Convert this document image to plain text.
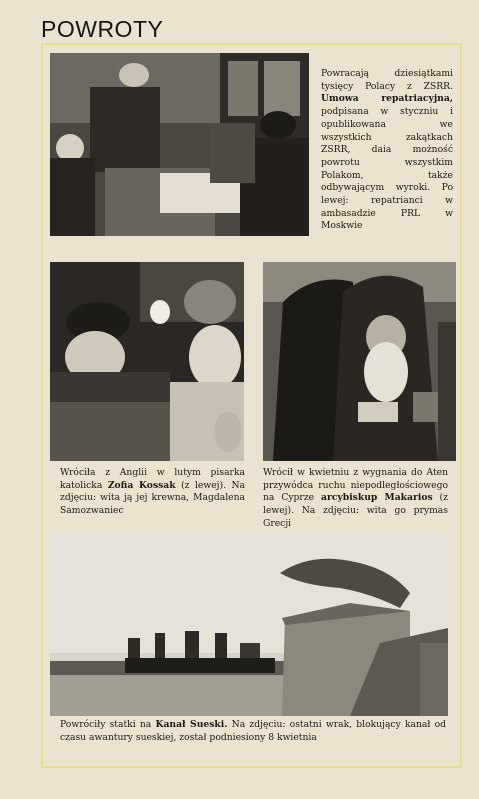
POWROTY
Powracają dziesiątkami tysięcy Polacy z ZSRR. Umowa repatriacyjna, podpisana w styczniu i opublikowana we wszystkich zakątkach ZSRR, daia możność powrotu wszystkim Polakom, także odbywającym wyroki. Po lewej: repatrianci w ambasadzie PRL w Moskwie
Wróciła z Anglii w lutym pisarka katolicka Zofia Kossak (z lewej). Na zdjęciu: wita ją jej krewna, Magdalena Samozwaniec
Wrócił w kwietniu z wygnania do Aten przywódca ruchu niepodległościowego na Cyprze arcybiskup Makarios (z lewej). Na zdjęciu: wita go prymas Grecji
Powróciły statki na Kanał Sueski. Na zdjęciu: ostatni wrak, blokujący kanał od czasu awantury sueskiej, został podniesiony 8 kwietnia
